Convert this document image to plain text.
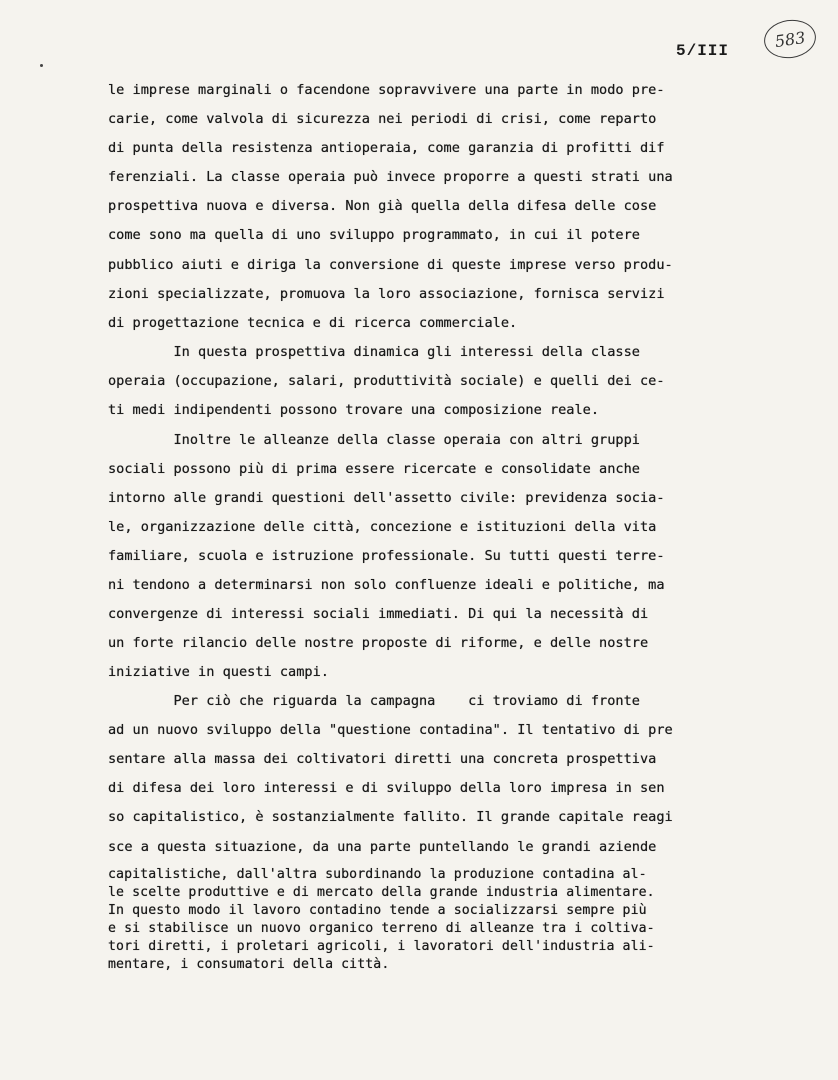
583
5/III
le imprese marginali o facendone sopravvivere una parte in modo pre-
carie, come valvola di sicurezza nei periodi di crisi, come reparto
di punta della resistenza antioperaia, come garanzia di profitti dif
ferenziali. La classe operaia può invece proporre a questi strati una
prospettiva nuova e diversa. Non già quella della difesa delle cose
come sono ma quella di uno sviluppo programmato, in cui il potere
pubblico aiuti e diriga la conversione di queste imprese verso produ-
zioni specializzate, promuova la loro associazione, fornisca servizi
di progettazione tecnica e di ricerca commerciale.
In questa prospettiva dinamica gli interessi della classe
operaia (occupazione, salari, produttività sociale) e quelli dei ce-
ti medi indipendenti possono trovare una composizione reale.
Inoltre le alleanze della classe operaia con altri gruppi
sociali possono più di prima essere ricercate e consolidate anche
intorno alle grandi questioni dell'assetto civile: previdenza socia-
le, organizzazione delle città, concezione e istituzioni della vita
familiare, scuola e istruzione professionale. Su tutti questi terre-
ni tendono a determinarsi non solo confluenze ideali e politiche, ma
convergenze di interessi sociali immediati. Di qui la necessità di
un forte rilancio delle nostre proposte di riforme, e delle nostre
iniziative in questi campi.
Per ciò che riguarda la campagna    ci troviamo di fronte
ad un nuovo sviluppo della "questione contadina". Il tentativo di pre
sentare alla massa dei coltivatori diretti una concreta prospettiva
di difesa dei loro interessi e di sviluppo della loro impresa in sen
so capitalistico, è sostanzialmente fallito. Il grande capitale reagi
sce a questa situazione, da una parte puntellando le grandi aziende
capitalistiche, dall'altra subordinando la produzione contadina al-
le scelte produttive e di mercato della grande industria alimentare.
In questo modo il lavoro contadino tende a socializzarsi sempre più
e si stabilisce un nuovo organico terreno di alleanze tra i coltiva-
tori diretti, i proletari agricoli, i lavoratori dell'industria ali-
mentare, i consumatori della città.
